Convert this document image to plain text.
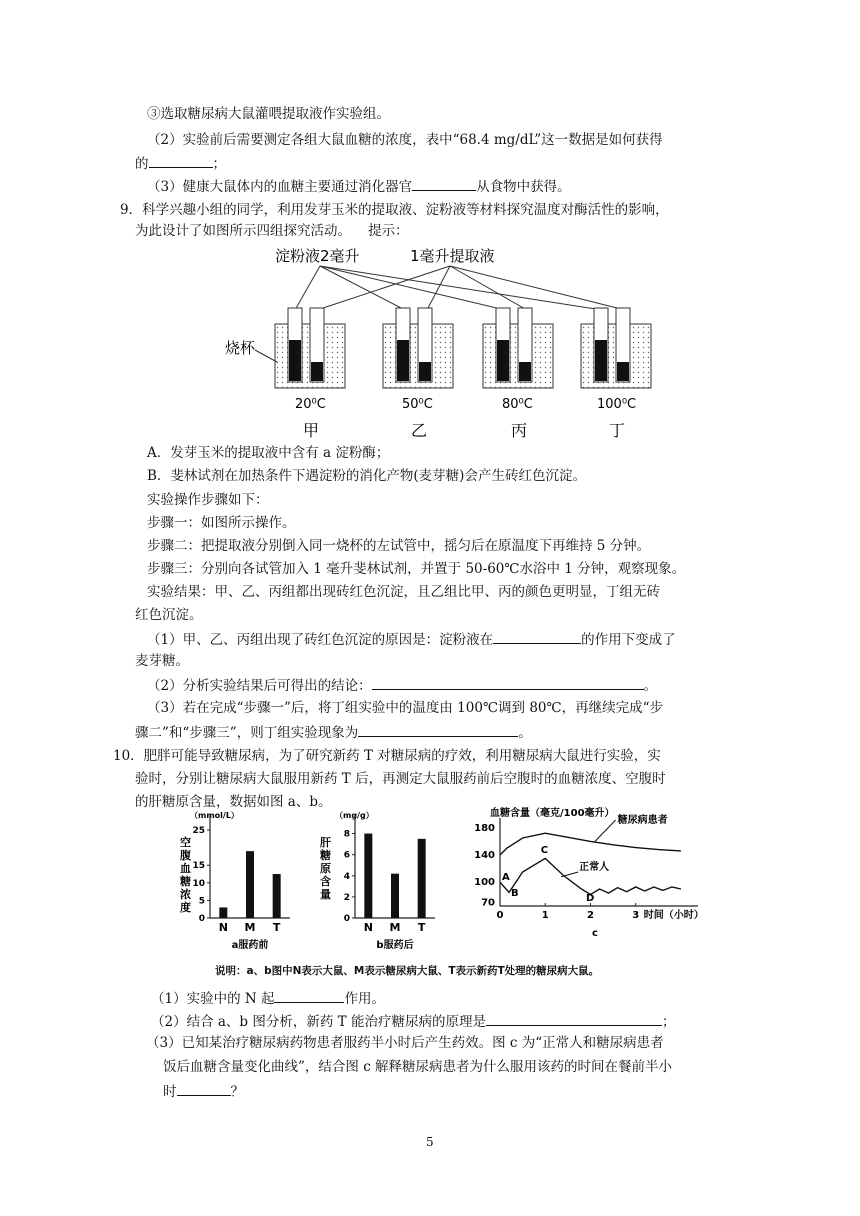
③选取糖尿病大鼠灌喂提取液作实验组。
（2）实验前后需要测定各组大鼠血糖的浓度，表中“68.4 mg/dL”这一数据是如何获得
的	；
（3）健康大鼠体内的血糖主要通过消化器官	从食物中获得。
9．科学兴趣小组的同学，利用发芽玉米的提取液、淀粉液等材料探究温度对酶活性的影响，
为此设计了如图所示四组探究活动。    提示：
淀粉液2毫升	1毫升提取液
烧杯
20⁰C	50⁰C	80⁰C	100⁰C
甲	乙	丙	丁
A．发芽玉米的提取液中含有 a 淀粉酶；
B．斐林试剂在加热条件下遇淀粉的消化产物(麦芽糖)会产生砖红色沉淀。
实验操作步骤如下：
步骤一：如图所示操作。
步骤二：把提取液分别倒入同一烧杯的左试管中，摇匀后在原温度下再维持 5 分钟。
步骤三：分别向各试管加入 1 毫升斐林试剂，并置于 50-60℃水浴中 1 分钟，观察现象。
实验结果：甲、乙、丙组都出现砖红色沉淀，且乙组比甲、丙的颜色更明显，丁组无砖
红色沉淀。
（1）甲、乙、丙组出现了砖红色沉淀的原因是：淀粉液在	的作用下变成了
麦芽糖。
（2）分析实验结果后可得出的结论：	。
（3）若在完成“步骤一”后，将丁组实验中的温度由 100℃调到 80℃，再继续完成“步
骤二”和“步骤三”，则丁组实验现象为	。
10．肥胖可能导致糖尿病，为了研究新药 T 对糖尿病的疗效，利用糖尿病大鼠进行实验，实
验时，分别让糖尿病大鼠服用新药 T 后，再测定大鼠服药前后空腹时的血糖浓度、空腹时
的肝糖原含量，数据如图 a、b。
（mmol/L）
空
腹
血
糖
浓
度
0
5
10
15
25
N M T
a服药前
（mg/g）
肝
糖
原
含
量
0
2
4
6
8
N M T
b服药后
血糖含量（毫克/100毫升）
70
100
140
180
0	1	2	3 时间（小时）
c
糖尿病患者
正常人
A
B
C
D
说明：a、b图中N表示大鼠、M表示糖尿病大鼠、T表示新药T处理的糖尿病大鼠。
（1）实验中的 N 起	作用。
（2）结合 a、b 图分析，新药 T 能治疗糖尿病的原理是	；
（3）已知某治疗糖尿病药物患者服药半小时后产生药效。图 c 为“正常人和糖尿病患者
饭后血糖含量变化曲线”，结合图 c 解释糖尿病患者为什么服用该药的时间在餐前半小
时	？
5
